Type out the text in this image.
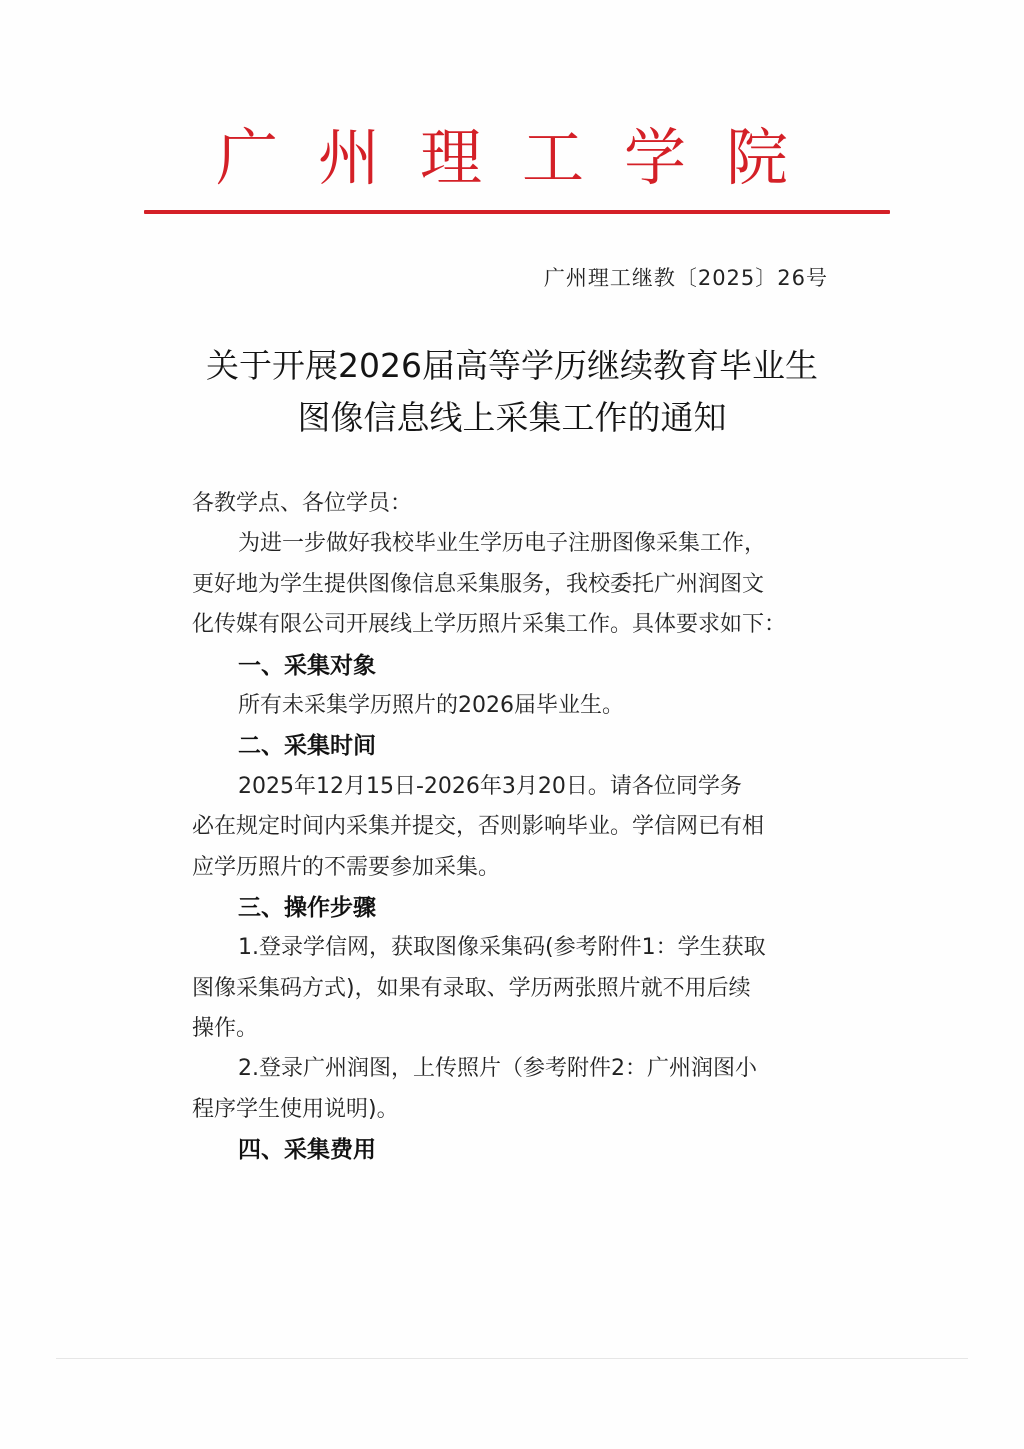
广州理工学院
广州理工继教〔2025〕26号
关于开展2026届高等学历继续教育毕业生
图像信息线上采集工作的通知
各教学点、各位学员：
为进一步做好我校毕业生学历电子注册图像采集工作，
更好地为学生提供图像信息采集服务，我校委托广州润图文
化传媒有限公司开展线上学历照片采集工作。具体要求如下：
一、采集对象
所有未采集学历照片的2026届毕业生。
二、采集时间
2025年12月15日-2026年3月20日。请各位同学务
必在规定时间内采集并提交，否则影响毕业。学信网已有相
应学历照片的不需要参加采集。
三、操作步骤
1.登录学信网，获取图像采集码(参考附件1：学生获取
图像采集码方式)，如果有录取、学历两张照片就不用后续
操作。
2.登录广州润图，上传照片（参考附件2：广州润图小
程序学生使用说明)。
四、采集费用
